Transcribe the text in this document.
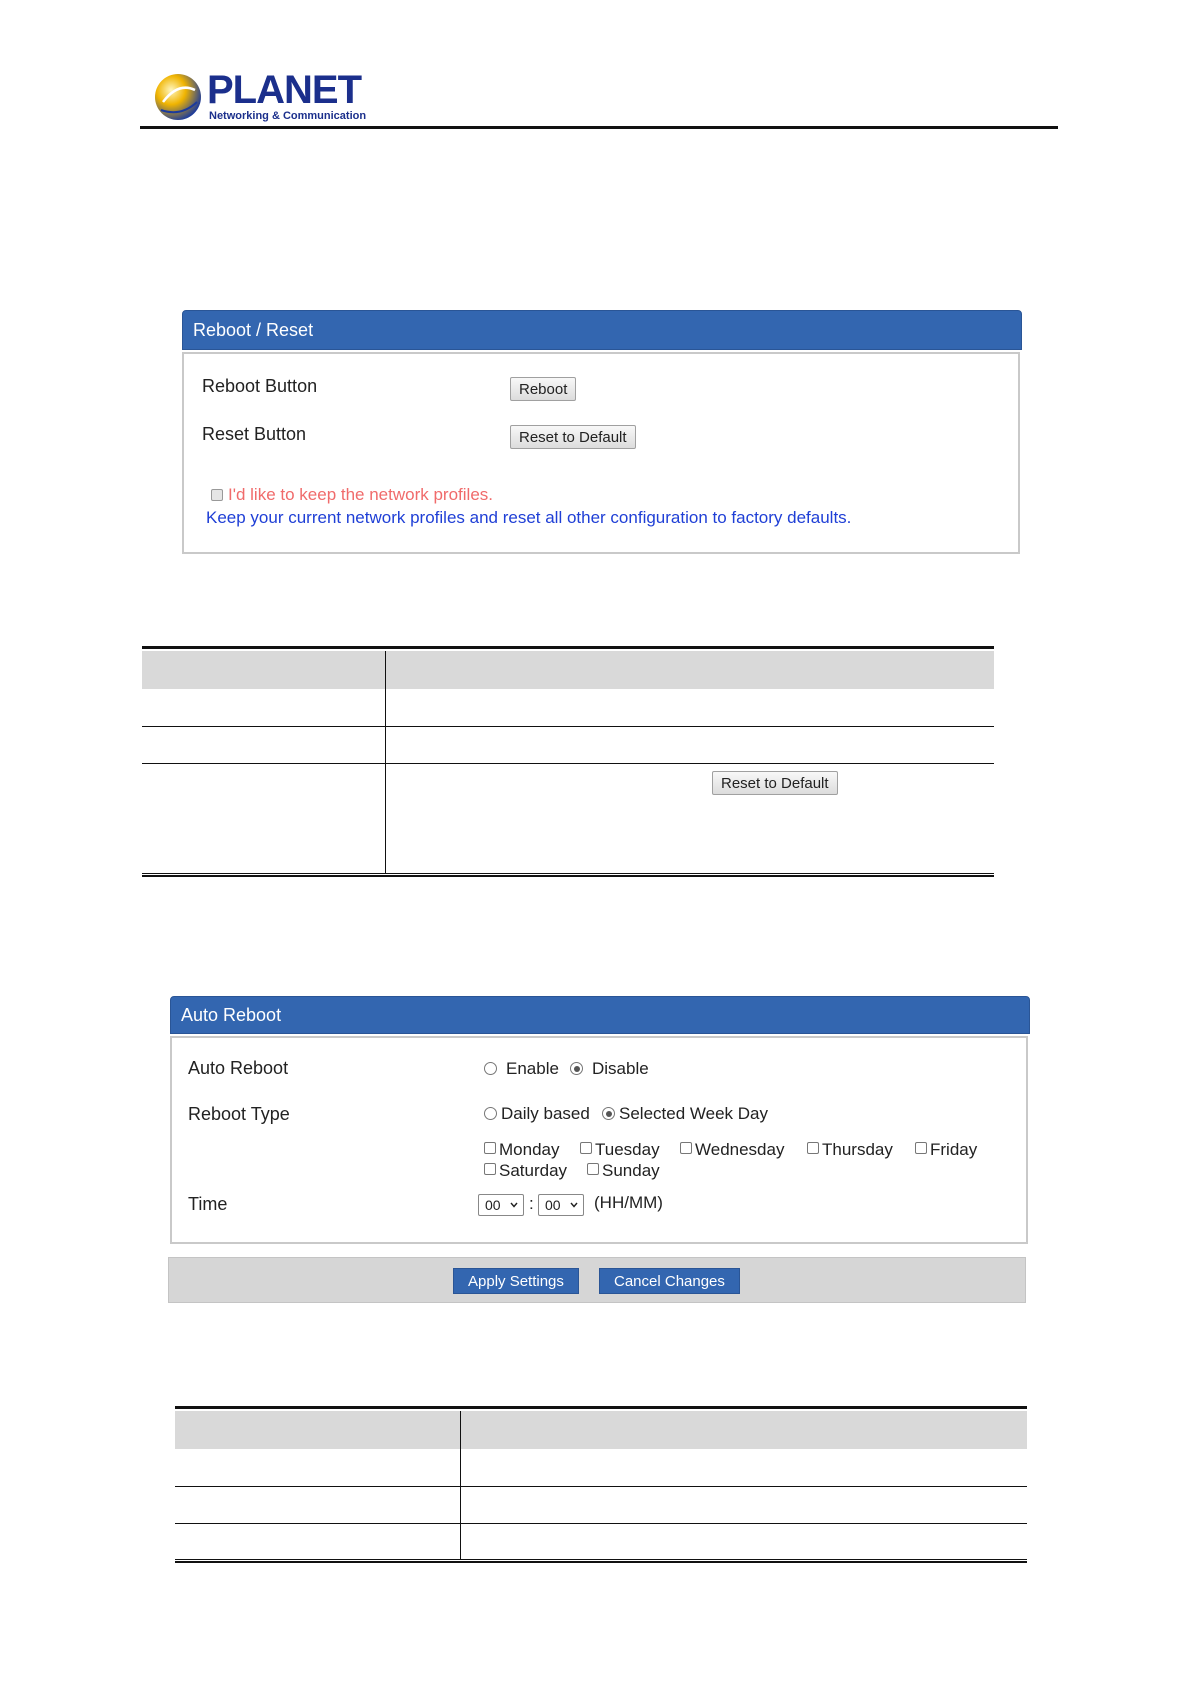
PLANET
Networking & Communication
Reboot / Reset
Reboot Button	Reboot
Reset Button	Reset to Default
I'd like to keep the network profiles.
Keep your current network profiles and reset all other configuration to factory defaults.
Reset to Default
Auto Reboot
Auto Reboot	Enable Disable
Reboot Type	Daily based Selected Week Day
Monday Tuesday Wednesday Thursday Friday
Saturday Sunday
Time	00 : 00 (HH/MM)
Apply Settings	Cancel Changes
